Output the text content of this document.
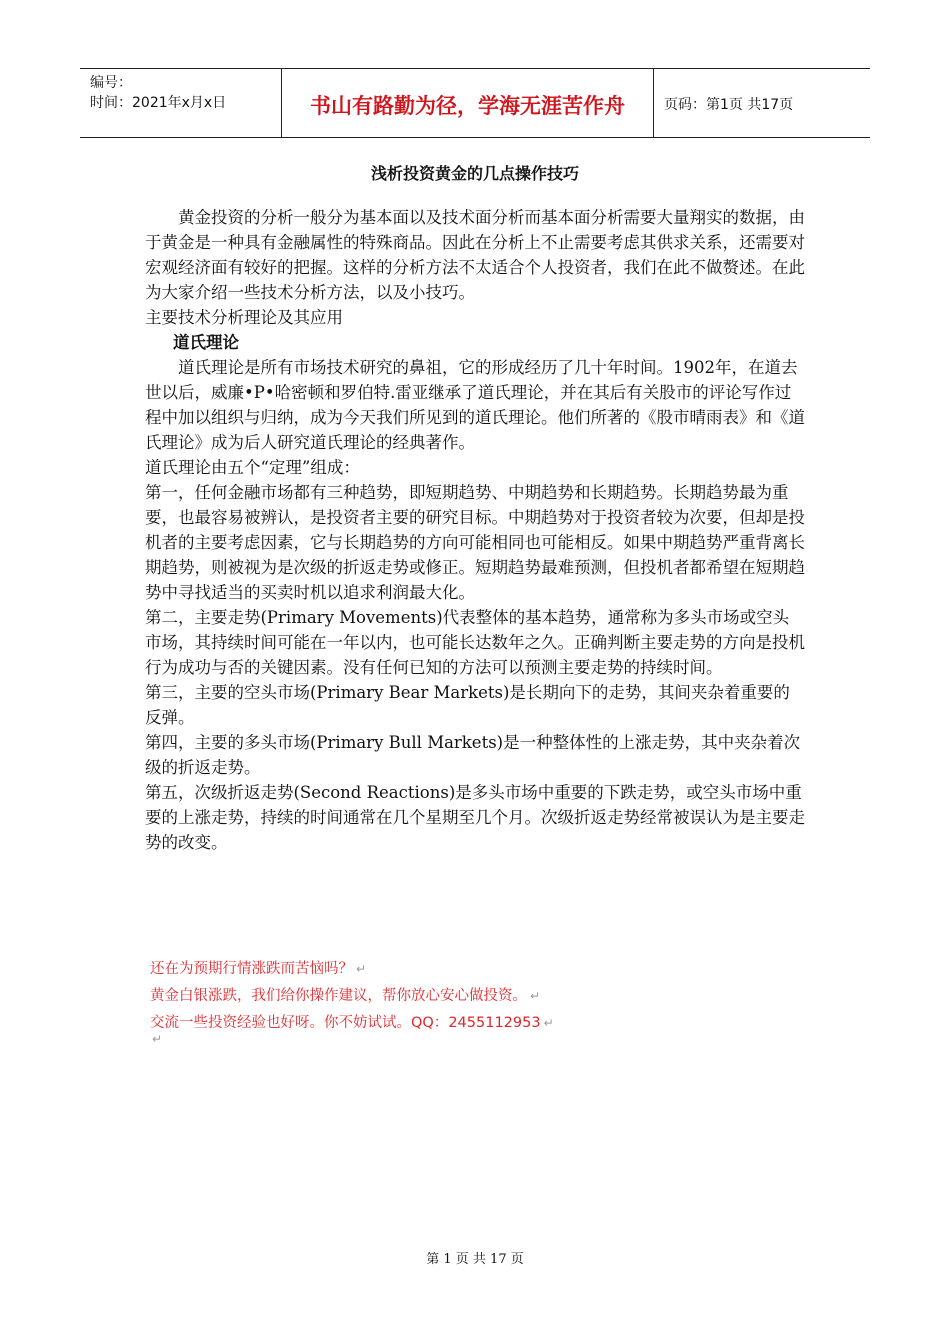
编号：
时间：2021年x月x日	书山有路勤为径，学海无涯苦作舟	页码：第1页 共17页
浅析投资黄金的几点操作技巧

黄金投资的分析一般分为基本面以及技术面分析而基本面分析需要大量翔实的数据，由于黄金是一种具有金融属性的特殊商品。因此在分析上不止需要考虑其供求关系，还需要对宏观经济面有较好的把握。这样的分析方法不太适合个人投资者，我们在此不做赘述。在此为大家介绍一些技术分析方法，以及小技巧。

主要技术分析理论及其应用

道氏理论

道氏理论是所有市场技术研究的鼻祖，它的形成经历了几十年时间。1902年，在道去世以后，威廉•P•哈密顿和罗伯特.雷亚继承了道氏理论，并在其后有关股市的评论写作过程中加以组织与归纳，成为今天我们所见到的道氏理论。他们所著的《股市晴雨表》和《道氏理论》成为后人研究道氏理论的经典著作。

道氏理论由五个“定理”组成：

第一，任何金融市场都有三种趋势，即短期趋势、中期趋势和长期趋势。长期趋势最为重要，也最容易被辨认，是投资者主要的研究目标。中期趋势对于投资者较为次要，但却是投机者的主要考虑因素，它与长期趋势的方向可能相同也可能相反。如果中期趋势严重背离长期趋势，则被视为是次级的折返走势或修正。短期趋势最难预测，但投机者都希望在短期趋势中寻找适当的买卖时机以追求利润最大化。

第二，主要走势(Primary Movements)代表整体的基本趋势，通常称为多头市场或空头市场，其持续时间可能在一年以内，也可能长达数年之久。正确判断主要走势的方向是投机行为成功与否的关键因素。没有任何已知的方法可以预测主要走势的持续时间。

第三，主要的空头市场(Primary Bear Markets)是长期向下的走势，其间夹杂着重要的反弹。

第四，主要的多头市场(Primary Bull Markets)是一种整体性的上涨走势，其中夹杂着次级的折返走势。

第五，次级折返走势(Second Reactions)是多头市场中重要的下跌走势，或空头市场中重要的上涨走势，持续的时间通常在几个星期至几个月。次级折返走势经常被误认为是主要走势的改变。

还在为预期行情涨跌而苦恼吗？ ↵
黄金白银涨跌，我们给你操作建议，帮你放心安心做投资。 ↵
交流一些投资经验也好呀。你不妨试试。QQ：2455112953 ↵
↵
第 1 页 共 17 页
